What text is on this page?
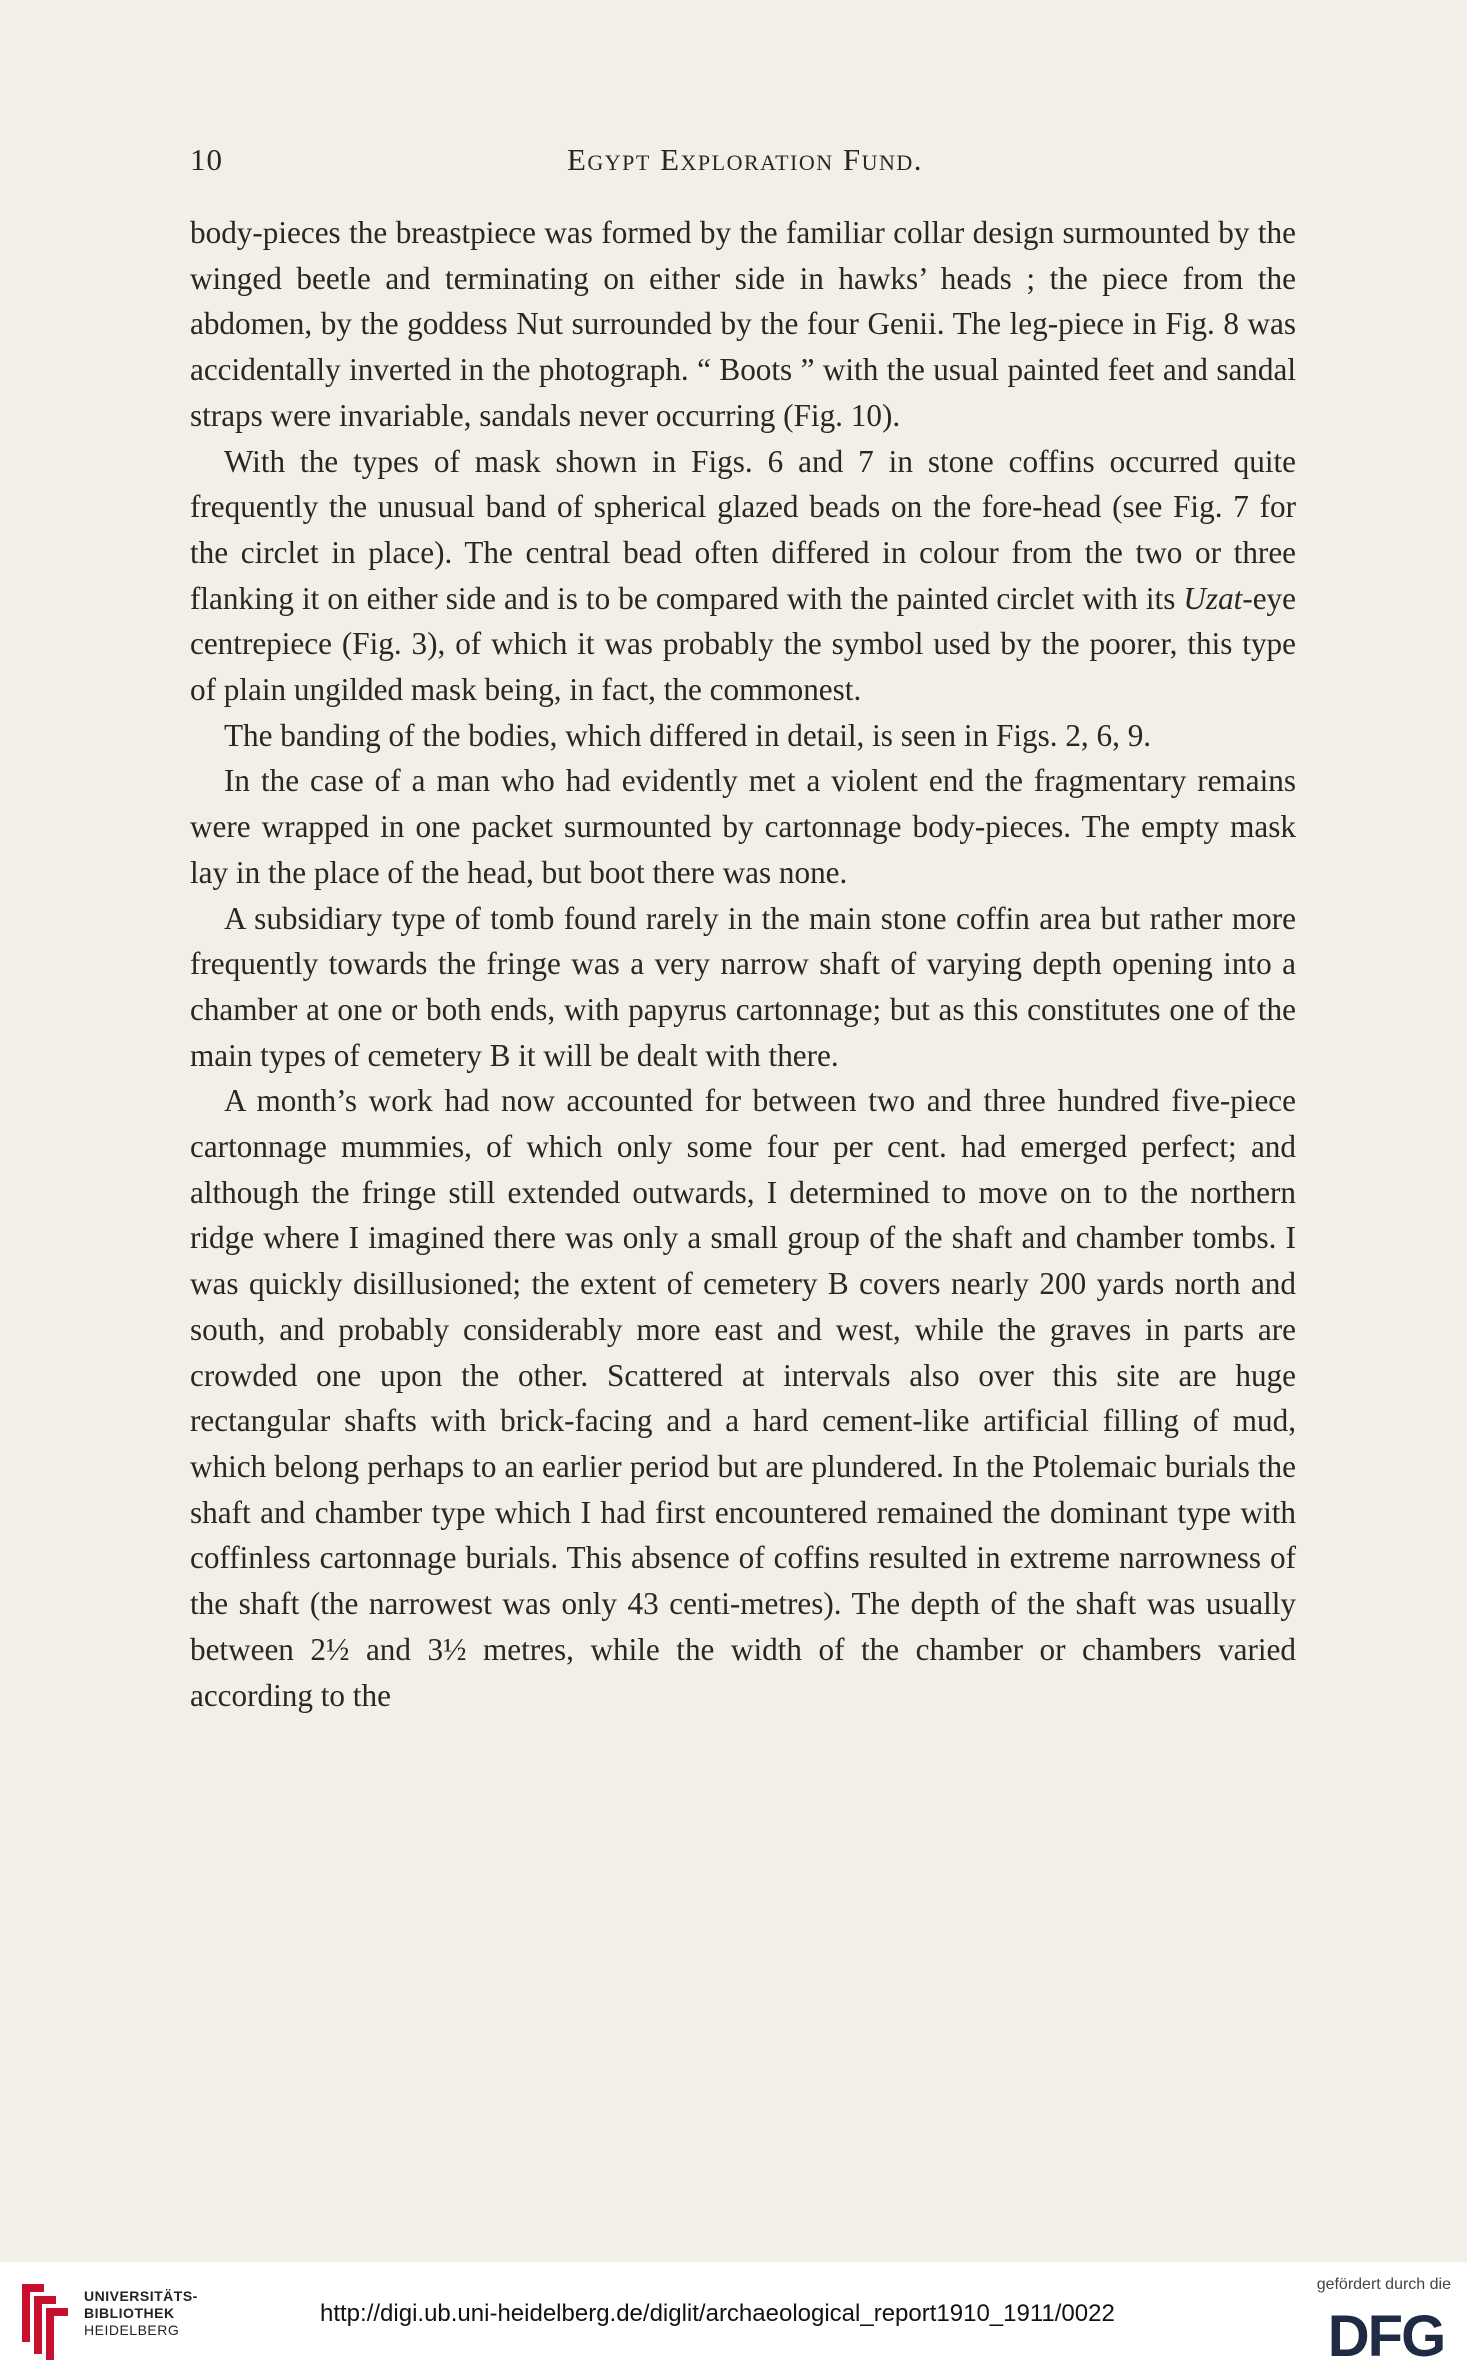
10	Egypt Exploration Fund.

body-pieces the breastpiece was formed by the familiar collar design surmounted by the winged beetle and terminating on either side in hawks’ heads ; the piece from the abdomen, by the goddess Nut surrounded by the four Genii. The leg-piece in Fig. 8 was accidentally inverted in the photograph. “ Boots ” with the usual painted feet and sandal straps were invariable, sandals never occurring (Fig. 10).

With the types of mask shown in Figs. 6 and 7 in stone coffins occurred quite frequently the unusual band of spherical glazed beads on the fore-head (see Fig. 7 for the circlet in place). The central bead often differed in colour from the two or three flanking it on either side and is to be compared with the painted circlet with its Uzat-eye centrepiece (Fig. 3), of which it was probably the symbol used by the poorer, this type of plain ungilded mask being, in fact, the commonest.

The banding of the bodies, which differed in detail, is seen in Figs. 2, 6, 9.

In the case of a man who had evidently met a violent end the fragmentary remains were wrapped in one packet surmounted by cartonnage body-pieces. The empty mask lay in the place of the head, but boot there was none.

A subsidiary type of tomb found rarely in the main stone coffin area but rather more frequently towards the fringe was a very narrow shaft of varying depth opening into a chamber at one or both ends, with papyrus cartonnage; but as this constitutes one of the main types of cemetery B it will be dealt with there.

A month’s work had now accounted for between two and three hundred five-piece cartonnage mummies, of which only some four per cent. had emerged perfect; and although the fringe still extended outwards, I determined to move on to the northern ridge where I imagined there was only a small group of the shaft and chamber tombs. I was quickly disillusioned; the extent of cemetery B covers nearly 200 yards north and south, and probably considerably more east and west, while the graves in parts are crowded one upon the other. Scattered at intervals also over this site are huge rectangular shafts with brick-facing and a hard cement-like artificial filling of mud, which belong perhaps to an earlier period but are plundered. In the Ptolemaic burials the shaft and chamber type which I had first encountered remained the dominant type with coffinless cartonnage burials. This absence of coffins resulted in extreme narrowness of the shaft (the narrowest was only 43 centi-metres). The depth of the shaft was usually between 2½ and 3½ metres, while the width of the chamber or chambers varied according to the

UNIVERSITÄTS-
BIBLIOTHEK
HEIDELBERG
http://digi.ub.uni-heidelberg.de/diglit/archaeological_report1910_1911/0022
gefördert durch die
DFG
